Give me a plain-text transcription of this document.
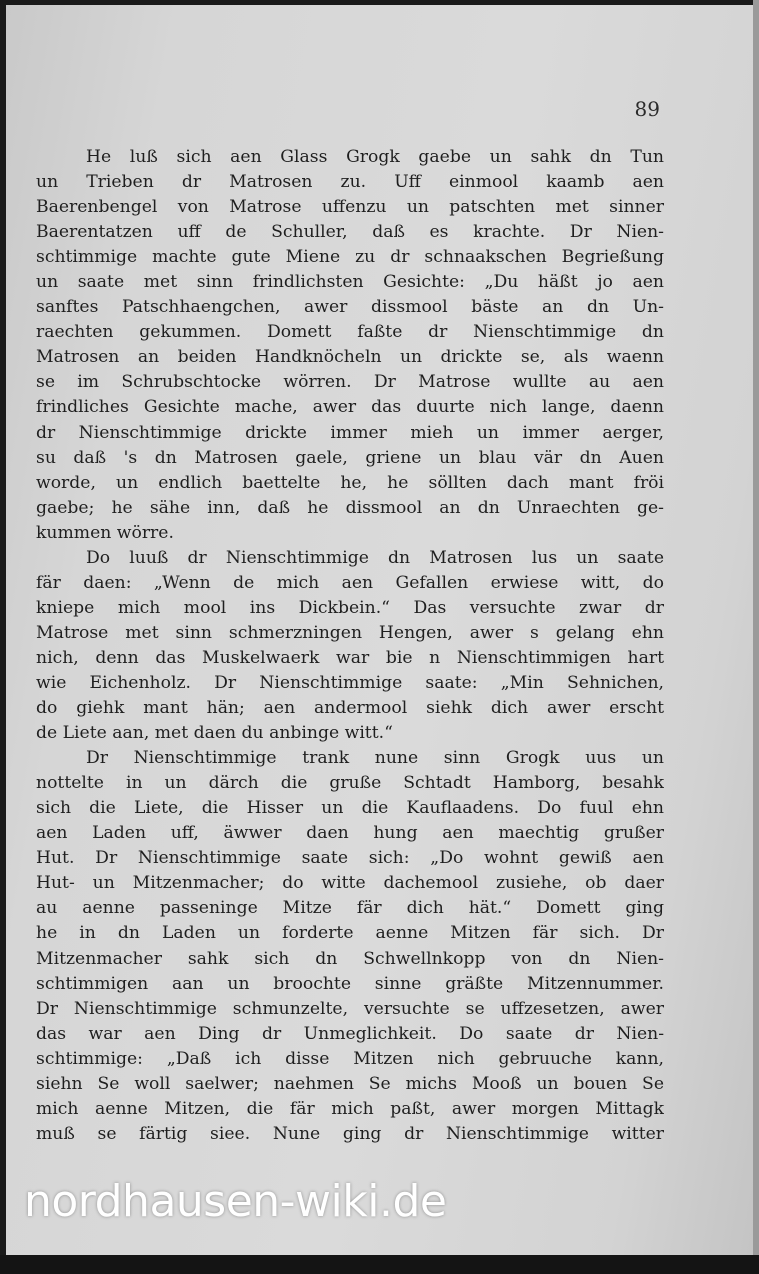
89
He luß sich aen Glass Grogk gaebe un sahk dn Tun
un Trieben dr Matrosen zu. Uff einmool kaamb aen
Baerenbengel von Matrose uffenzu un patschten met sinner
Baerentatzen uff de Schuller, daß es krachte. Dr Nien-
schtimmige machte gute Miene zu dr schnaakschen Begrießung
un saate met sinn frindlichsten Gesichte: „Du häßt jo aen
sanftes Patschhaengchen, awer dissmool bäste an dn Un-
raechten gekummen. Domett faßte dr Nienschtimmige dn
Matrosen an beiden Handknöcheln un drickte se, als waenn
se im Schrubschtocke wörren. Dr Matrose wullte au aen
frindliches Gesichte mache, awer das duurte nich lange, daenn
dr Nienschtimmige drickte immer mieh un immer aerger,
su daß 's dn Matrosen gaele, griene un blau vär dn Auen
worde, un endlich baettelte he, he söllten dach mant fröi
gaebe; he sähe inn, daß he dissmool an dn Unraechten ge-
kummen wörre.
Do luuß dr Nienschtimmige dn Matrosen lus un saate
fär daen: „Wenn de mich aen Gefallen erwiese witt, do
kniepe mich mool ins Dickbein.“ Das versuchte zwar dr
Matrose met sinn schmerzningen Hengen, awer s gelang ehn
nich, denn das Muskelwaerk war bie n Nienschtimmigen hart
wie Eichenholz. Dr Nienschtimmige saate: „Min Sehnichen,
do giehk mant hän; aen andermool siehk dich awer erscht
de Liete aan, met daen du anbinge witt.“
Dr Nienschtimmige trank nune sinn Grogk uus un
nottelte in un därch die gruße Schtadt Hamborg, besahk
sich die Liete, die Hisser un die Kauflaadens. Do fuul ehn
aen Laden uff, äwwer daen hung aen maechtig grußer
Hut. Dr Nienschtimmige saate sich: „Do wohnt gewiß aen
Hut- un Mitzenmacher; do witte dachemool zusiehe, ob daer
au aenne passeninge Mitze fär dich hät.“ Domett ging
he in dn Laden un forderte aenne Mitzen fär sich. Dr
Mitzenmacher sahk sich dn Schwellnkopp von dn Nien-
schtimmigen aan un broochte sinne gräßte Mitzennummer.
Dr Nienschtimmige schmunzelte, versuchte se uffzesetzen, awer
das war aen Ding dr Unmeglichkeit. Do saate dr Nien-
schtimmige: „Daß ich disse Mitzen nich gebruuche kann,
siehn Se woll saelwer; naehmen Se michs Mooß un bouen Se
mich aenne Mitzen, die fär mich paßt, awer morgen Mittagk
muß se färtig siee. Nune ging dr Nienschtimmige witter
nordhausen-wiki.de
